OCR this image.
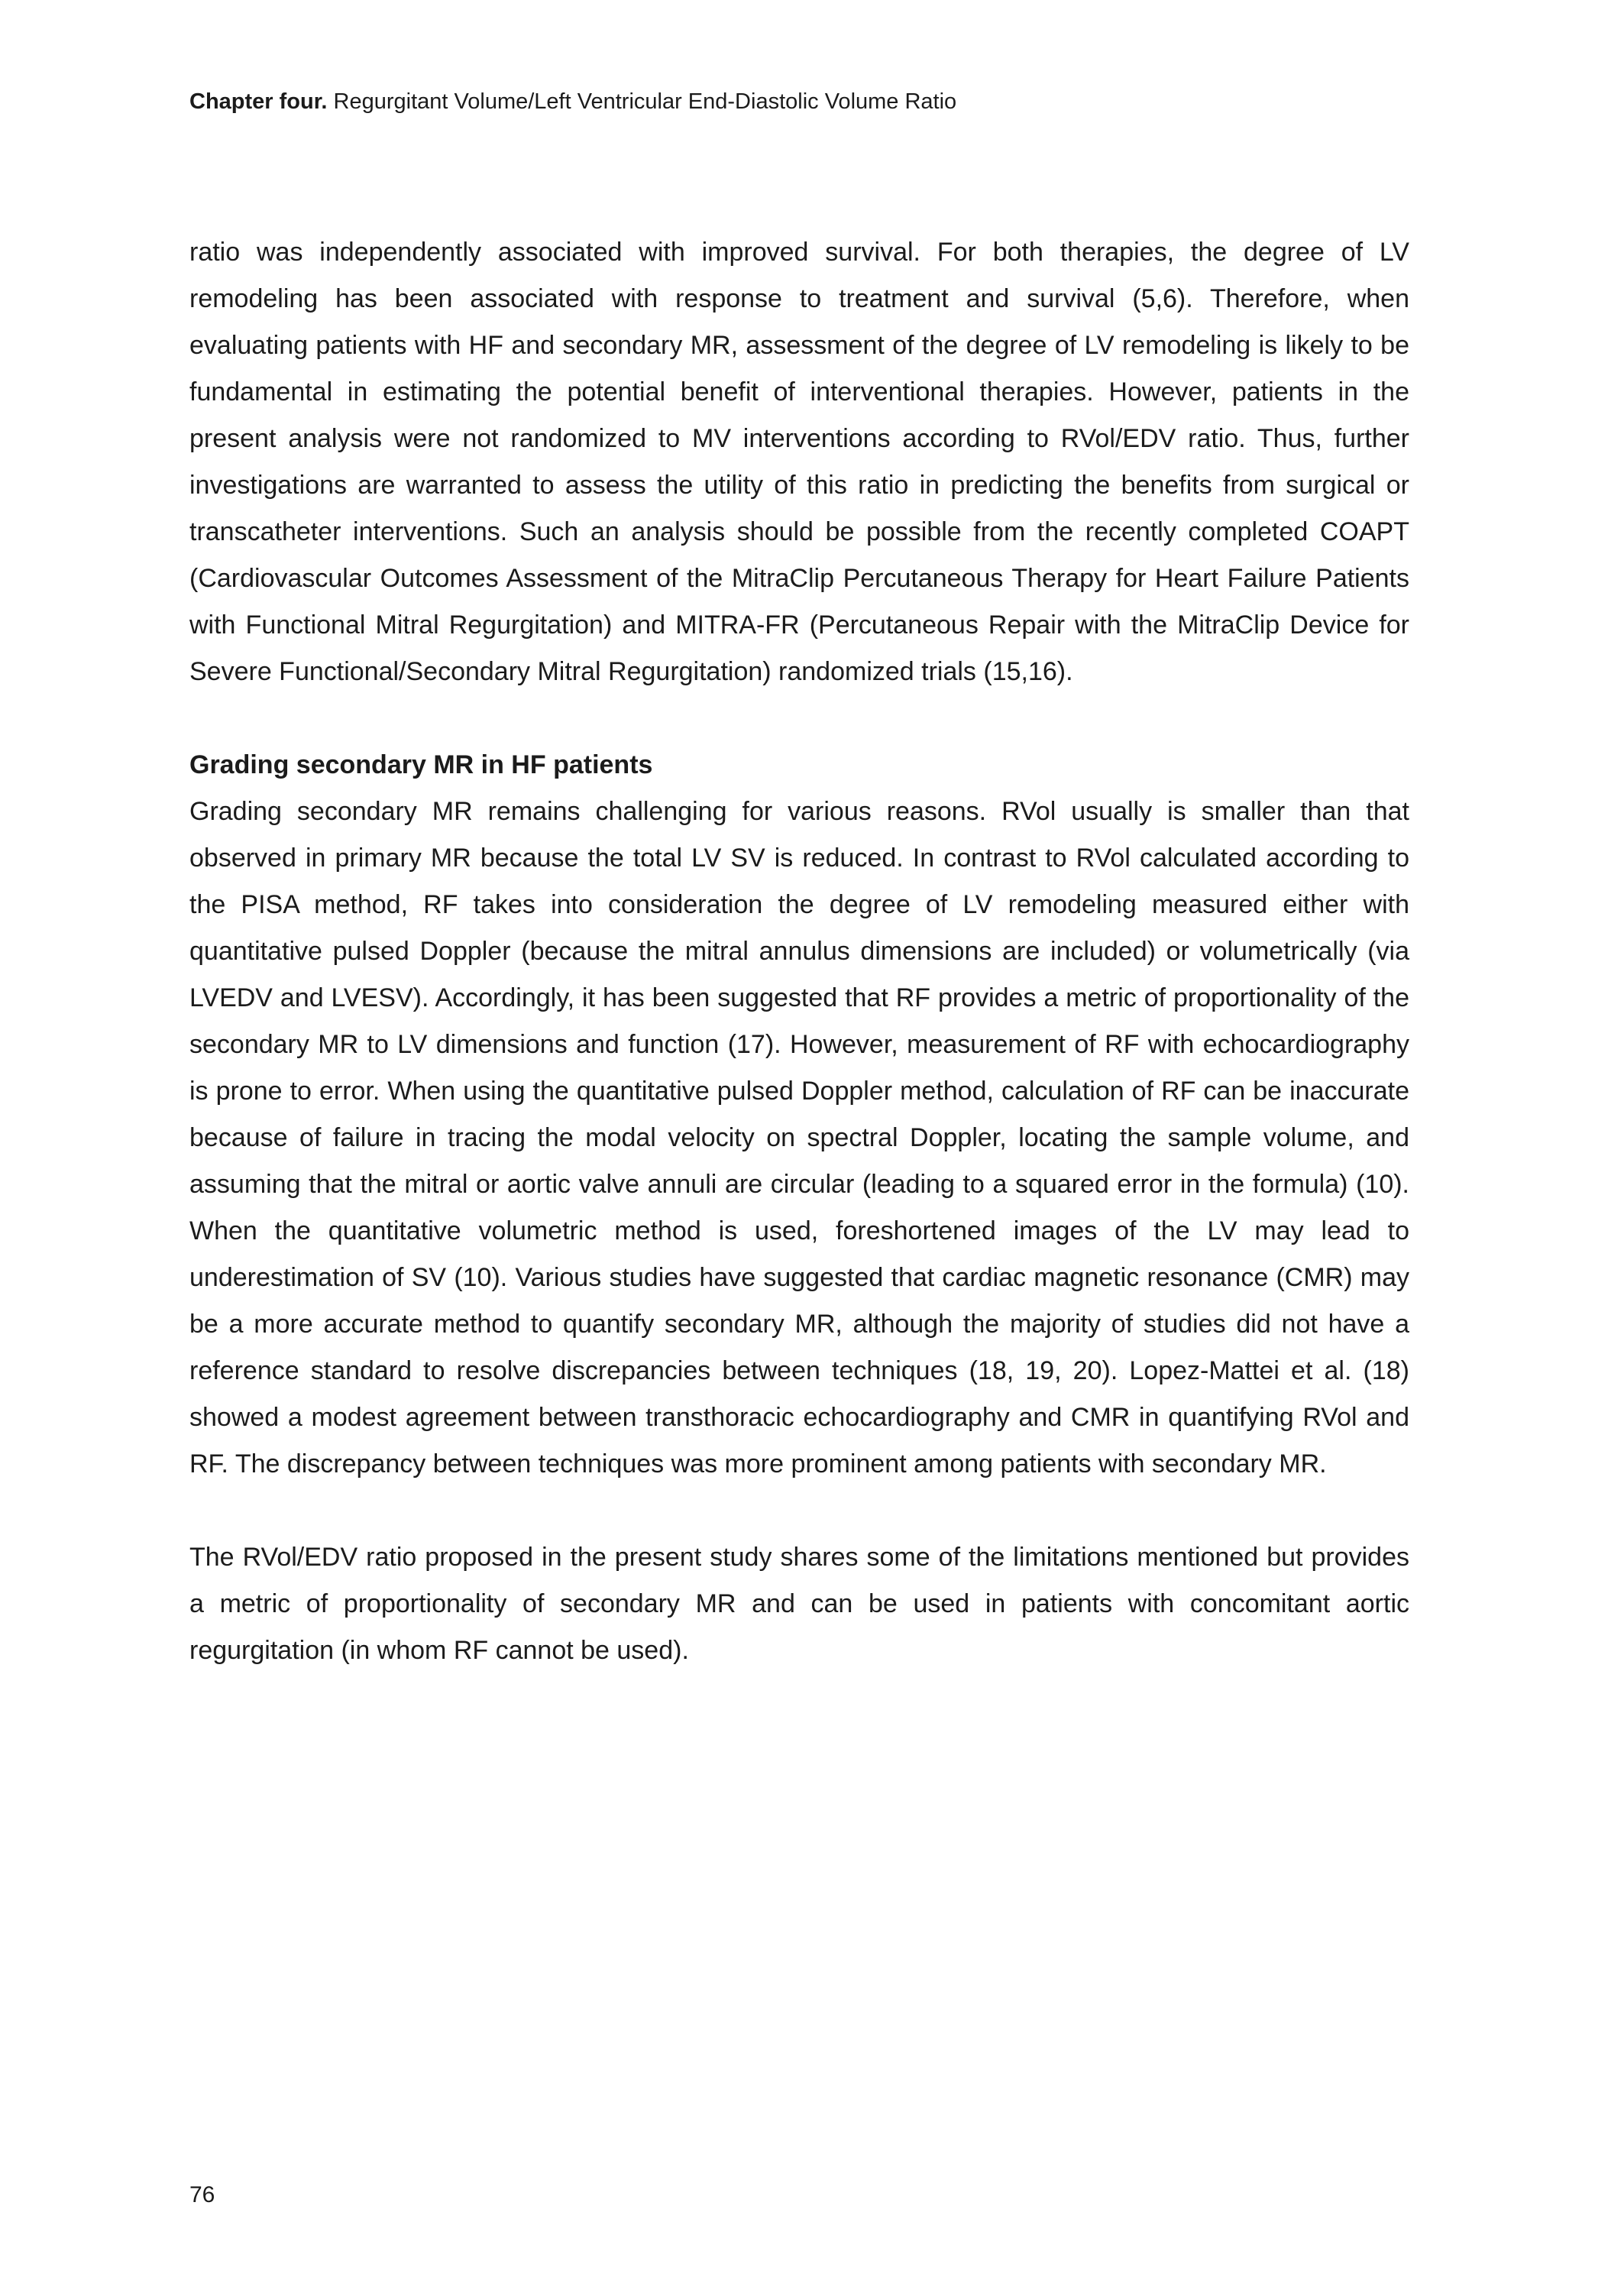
Chapter four. Regurgitant Volume/Left Ventricular End-Diastolic Volume Ratio

ratio was independently associated with improved survival. For both therapies, the degree of LV remodeling has been associated with response to treatment and survival (5,6). Therefore, when evaluating patients with HF and secondary MR, assessment of the degree of LV remodeling is likely to be fundamental in estimating the potential benefit of interventional therapies. However, patients in the present analysis were not randomized to MV interventions according to RVol/EDV ratio. Thus, further investigations are warranted to assess the utility of this ratio in predicting the benefits from surgical or transcatheter interventions. Such an analysis should be possible from the recently completed COAPT (Cardiovascular Outcomes Assessment of the MitraClip Percutaneous Therapy for Heart Failure Patients with Functional Mitral Regurgitation) and MITRA-FR (Percutaneous Repair with the MitraClip Device for Severe Functional/Secondary Mitral Regurgitation) randomized trials (15,16).

Grading secondary MR in HF patients

Grading secondary MR remains challenging for various reasons. RVol usually is smaller than that observed in primary MR because the total LV SV is reduced. In contrast to RVol calculated according to the PISA method, RF takes into consideration the degree of LV remodeling measured either with quantitative pulsed Doppler (because the mitral annulus dimensions are included) or volumetrically (via LVEDV and LVESV). Accordingly, it has been suggested that RF provides a metric of proportionality of the secondary MR to LV dimensions and function (17). However, measurement of RF with echocardiography is prone to error. When using the quantitative pulsed Doppler method, calculation of RF can be inaccurate because of failure in tracing the modal velocity on spectral Doppler, locating the sample volume, and assuming that the mitral or aortic valve annuli are circular (leading to a squared error in the formula) (10). When the quantitative volumetric method is used, foreshortened images of the LV may lead to underestimation of SV (10). Various studies have suggested that cardiac magnetic resonance (CMR) may be a more accurate method to quantify secondary MR, although the majority of studies did not have a reference standard to resolve discrepancies between techniques (18, 19, 20). Lopez-Mattei et al. (18) showed a modest agreement between transthoracic echocardiography and CMR in quantifying RVol and RF. The discrepancy between techniques was more prominent among patients with secondary MR.

The RVol/EDV ratio proposed in the present study shares some of the limitations mentioned but provides a metric of proportionality of secondary MR and can be used in patients with concomitant aortic regurgitation (in whom RF cannot be used).

76
